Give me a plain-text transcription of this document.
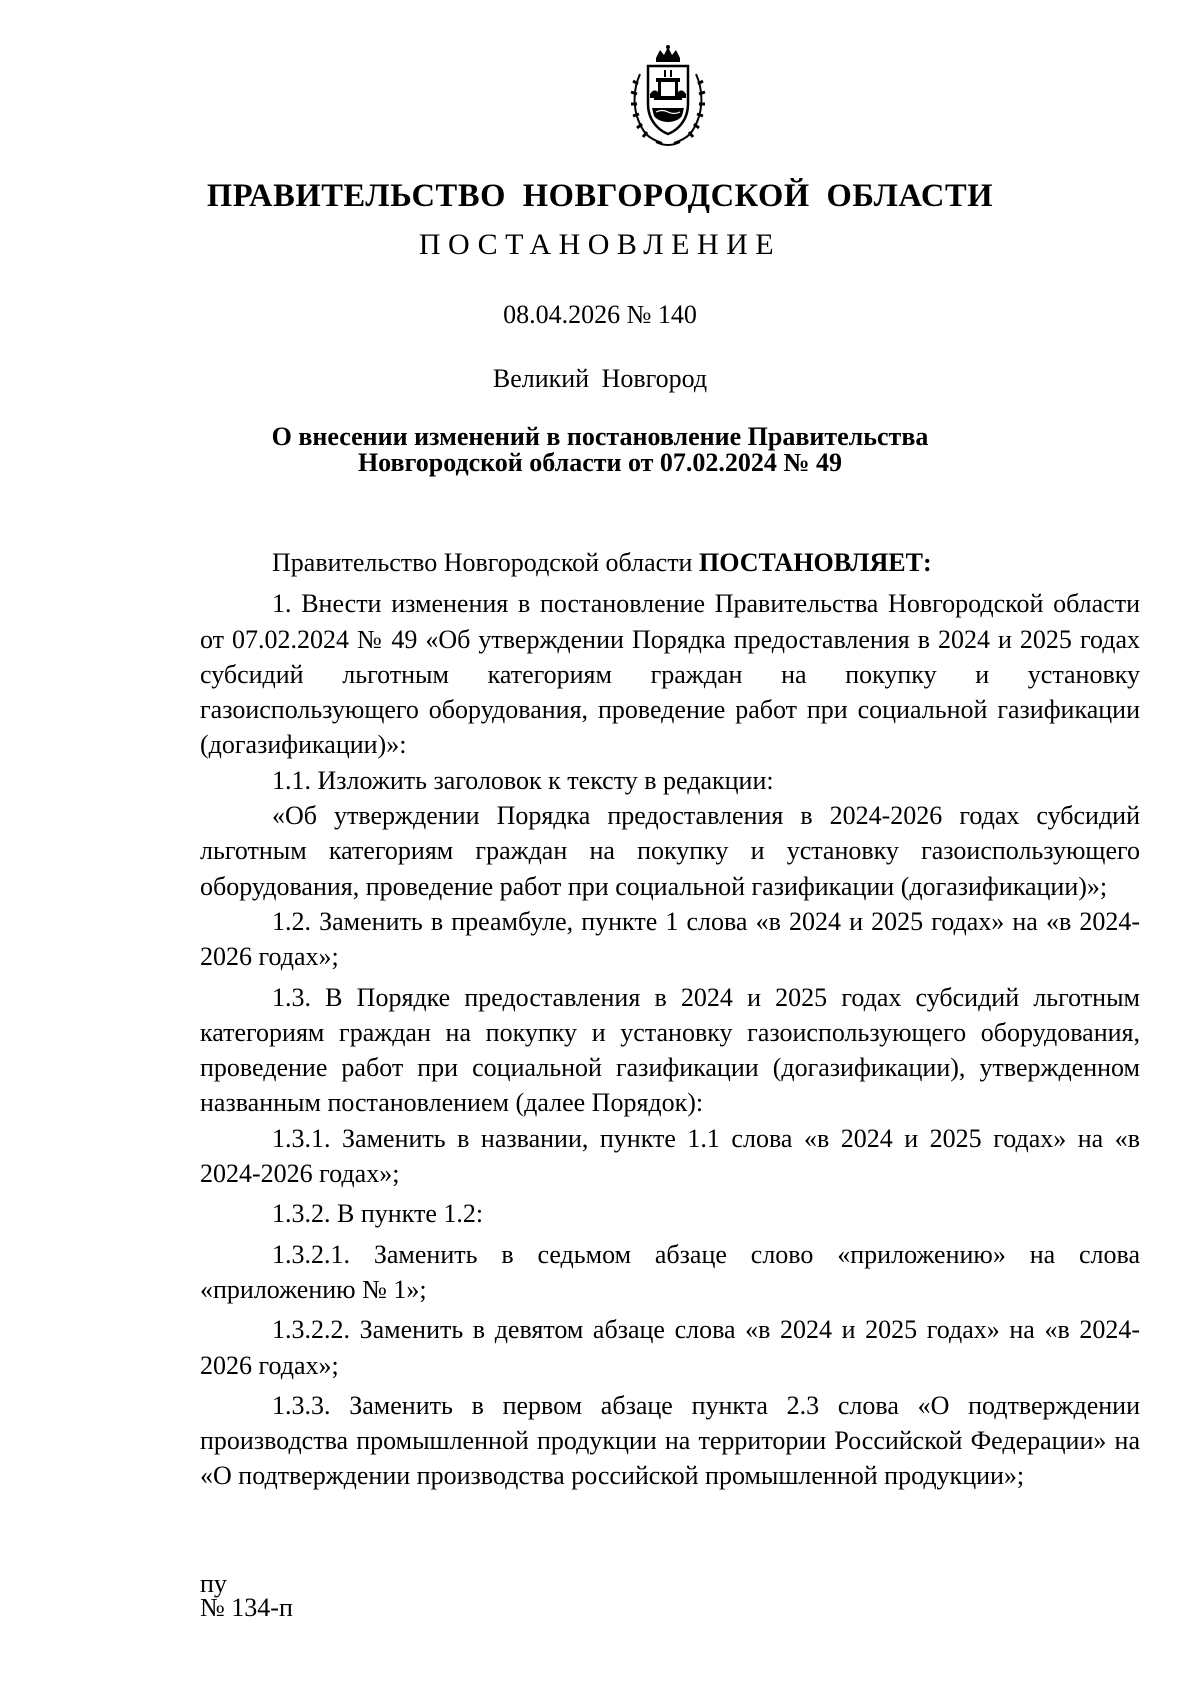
ПРАВИТЕЛЬСТВО НОВГОРОДСКОЙ ОБЛАСТИ
ПОСТАНОВЛЕНИЕ
08.04.2026 № 140
Великий Новгород
О внесении изменений в постановление Правительства
Новгородской области от 07.02.2024 № 49

Правительство Новгородской области ПОСТАНОВЛЯЕТ:

1. Внести изменения в постановление Правительства Новгородской области от 07.02.2024 № 49 «Об утверждении Порядка предоставления в 2024 и 2025 годах субсидий льготным категориям граждан на покупку и установку газоиспользующего оборудования, проведение работ при социальной газификации (догазификации)»:

1.1. Изложить заголовок к тексту в редакции:

«Об утверждении Порядка предоставления в 2024-2026 годах субсидий льготным категориям граждан на покупку и установку газоиспользующего оборудования, проведение работ при социальной газификации (догазификации)»;

1.2. Заменить в преамбуле, пункте 1 слова «в 2024 и 2025 годах» на «в 2024-2026 годах»;

1.3. В Порядке предоставления в 2024 и 2025 годах субсидий льготным категориям граждан на покупку и установку газоиспользующего оборудования, проведение работ при социальной газификации (догазификации), утвержденном названным постановлением (далее Порядок):

1.3.1. Заменить в названии, пункте 1.1 слова «в 2024 и 2025 годах» на «в 2024-2026 годах»;

1.3.2. В пункте 1.2:

1.3.2.1. Заменить в седьмом абзаце слово «приложению» на слова «приложению № 1»;

1.3.2.2. Заменить в девятом абзаце слова «в 2024 и 2025 годах» на «в 2024-2026 годах»;

1.3.3. Заменить в первом абзаце пункта 2.3 слова «О подтверждении производства промышленной продукции на территории Российской Федерации» на «О подтверждении производства российской промышленной продукции»;

пу
№ 134-п
